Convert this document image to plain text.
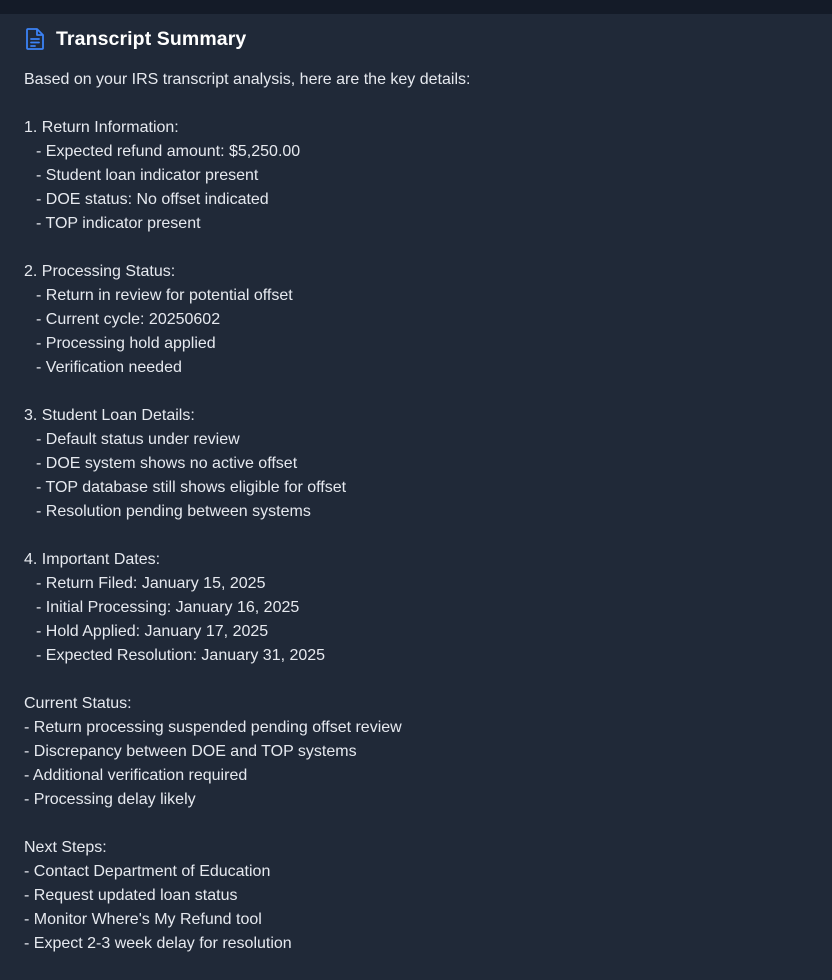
Transcript Summary
Based on your IRS transcript analysis, here are the key details:
1. Return Information:
- Expected refund amount: $5,250.00
- Student loan indicator present
- DOE status: No offset indicated
- TOP indicator present
2. Processing Status:
- Return in review for potential offset
- Current cycle: 20250602
- Processing hold applied
- Verification needed
3. Student Loan Details:
- Default status under review
- DOE system shows no active offset
- TOP database still shows eligible for offset
- Resolution pending between systems
4. Important Dates:
- Return Filed: January 15, 2025
- Initial Processing: January 16, 2025
- Hold Applied: January 17, 2025
- Expected Resolution: January 31, 2025
Current Status:
- Return processing suspended pending offset review
- Discrepancy between DOE and TOP systems
- Additional verification required
- Processing delay likely
Next Steps:
- Contact Department of Education
- Request updated loan status
- Monitor Where's My Refund tool
- Expect 2-3 week delay for resolution
